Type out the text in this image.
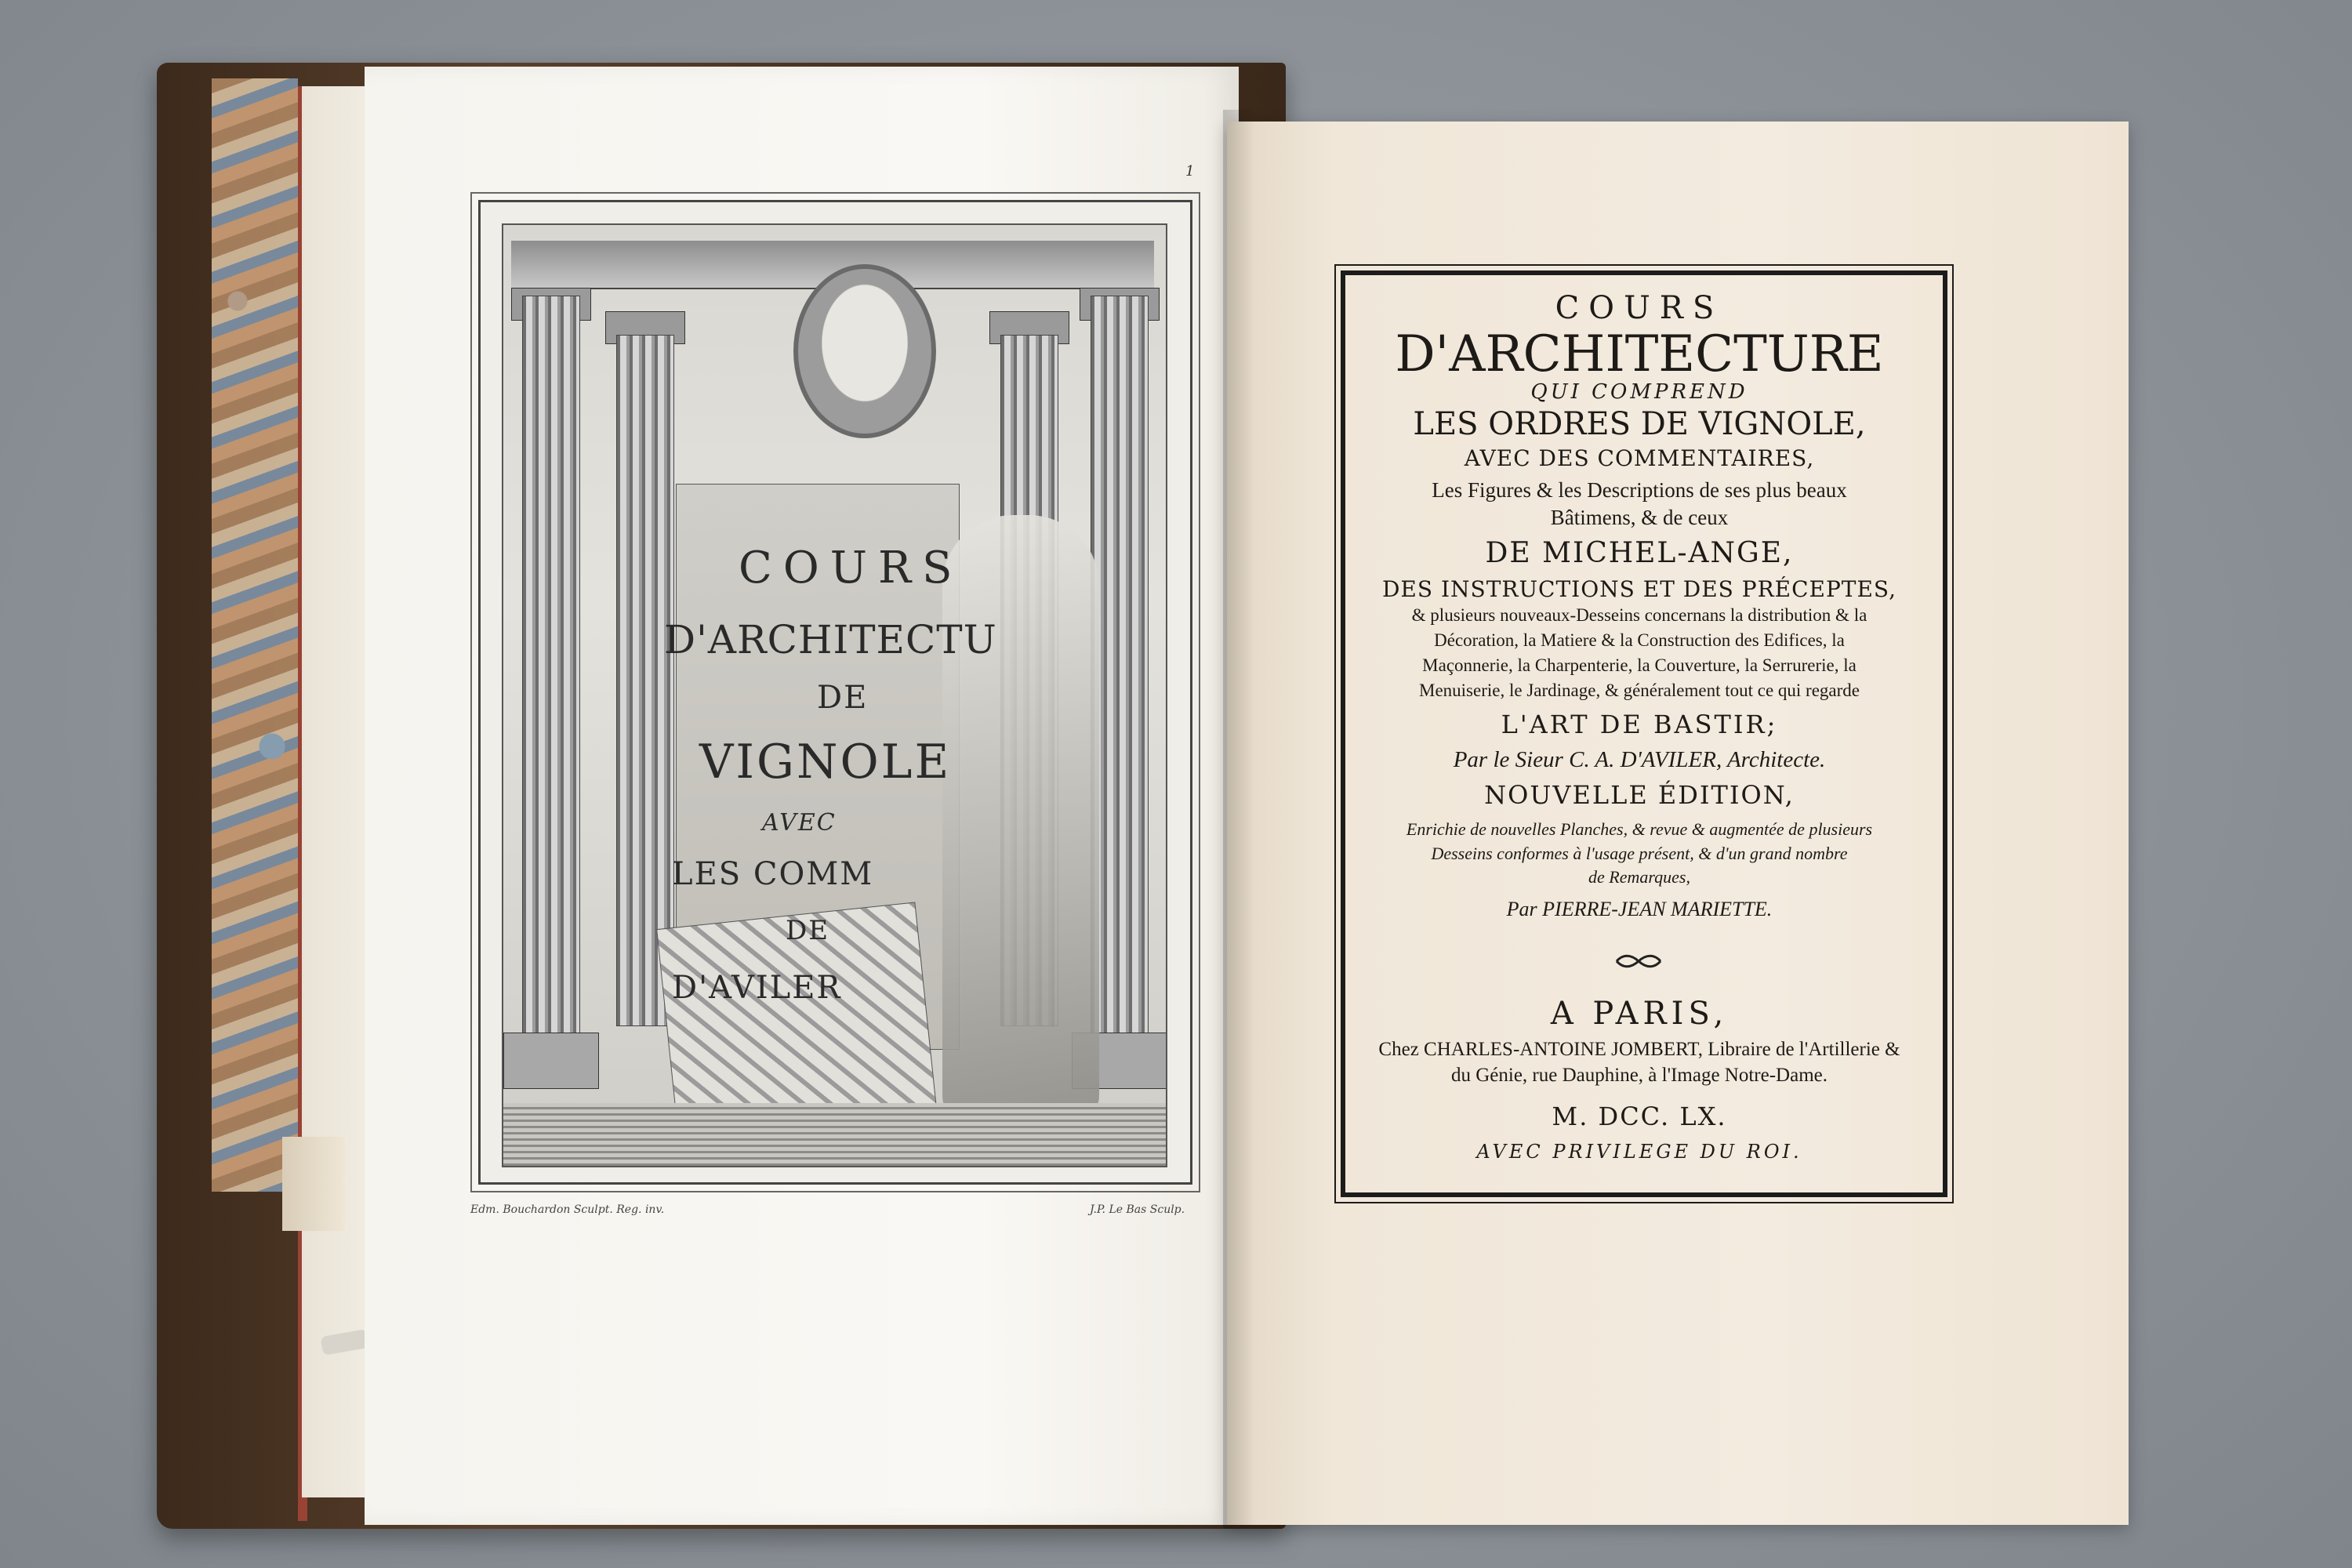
1
COURS
D'ARCHITECTU
DE
VIGNOLE
AVEC
LES COMM
DE
D'AVILER
Edm. Bouchardon Sculpt. Reg. inv.	J.P. Le Bas Sculp.
COURS
D'ARCHITECTURE
QUI COMPREND
LES ORDRES DE VIGNOLE,
AVEC DES COMMENTAIRES,
Les Figures & les Descriptions de ses plus beaux
Bâtimens, & de ceux
DE MICHEL-ANGE,
DES INSTRUCTIONS ET DES PRÉCEPTES,
& plusieurs nouveaux-Desseins concernans la distribution & la
Décoration, la Matiere & la Construction des Edifices, la
Maçonnerie, la Charpenterie, la Couverture, la Serrurerie, la
Menuiserie, le Jardinage, & généralement tout ce qui regarde
L'ART DE BASTIR;
Par le Sieur C. A. D'AVILER, Architecte.
NOUVELLE ÉDITION,
Enrichie de nouvelles Planches, & revue & augmentée de plusieurs
Desseins conformes à l'usage présent, & d'un grand nombre
de Remarques,
Par PIERRE-JEAN MARIETTE.
A PARIS,
Chez CHARLES-ANTOINE JOMBERT, Libraire de l'Artillerie &
du Génie, rue Dauphine, à l'Image Notre-Dame.
M. DCC. LX.
AVEC PRIVILEGE DU ROI.
